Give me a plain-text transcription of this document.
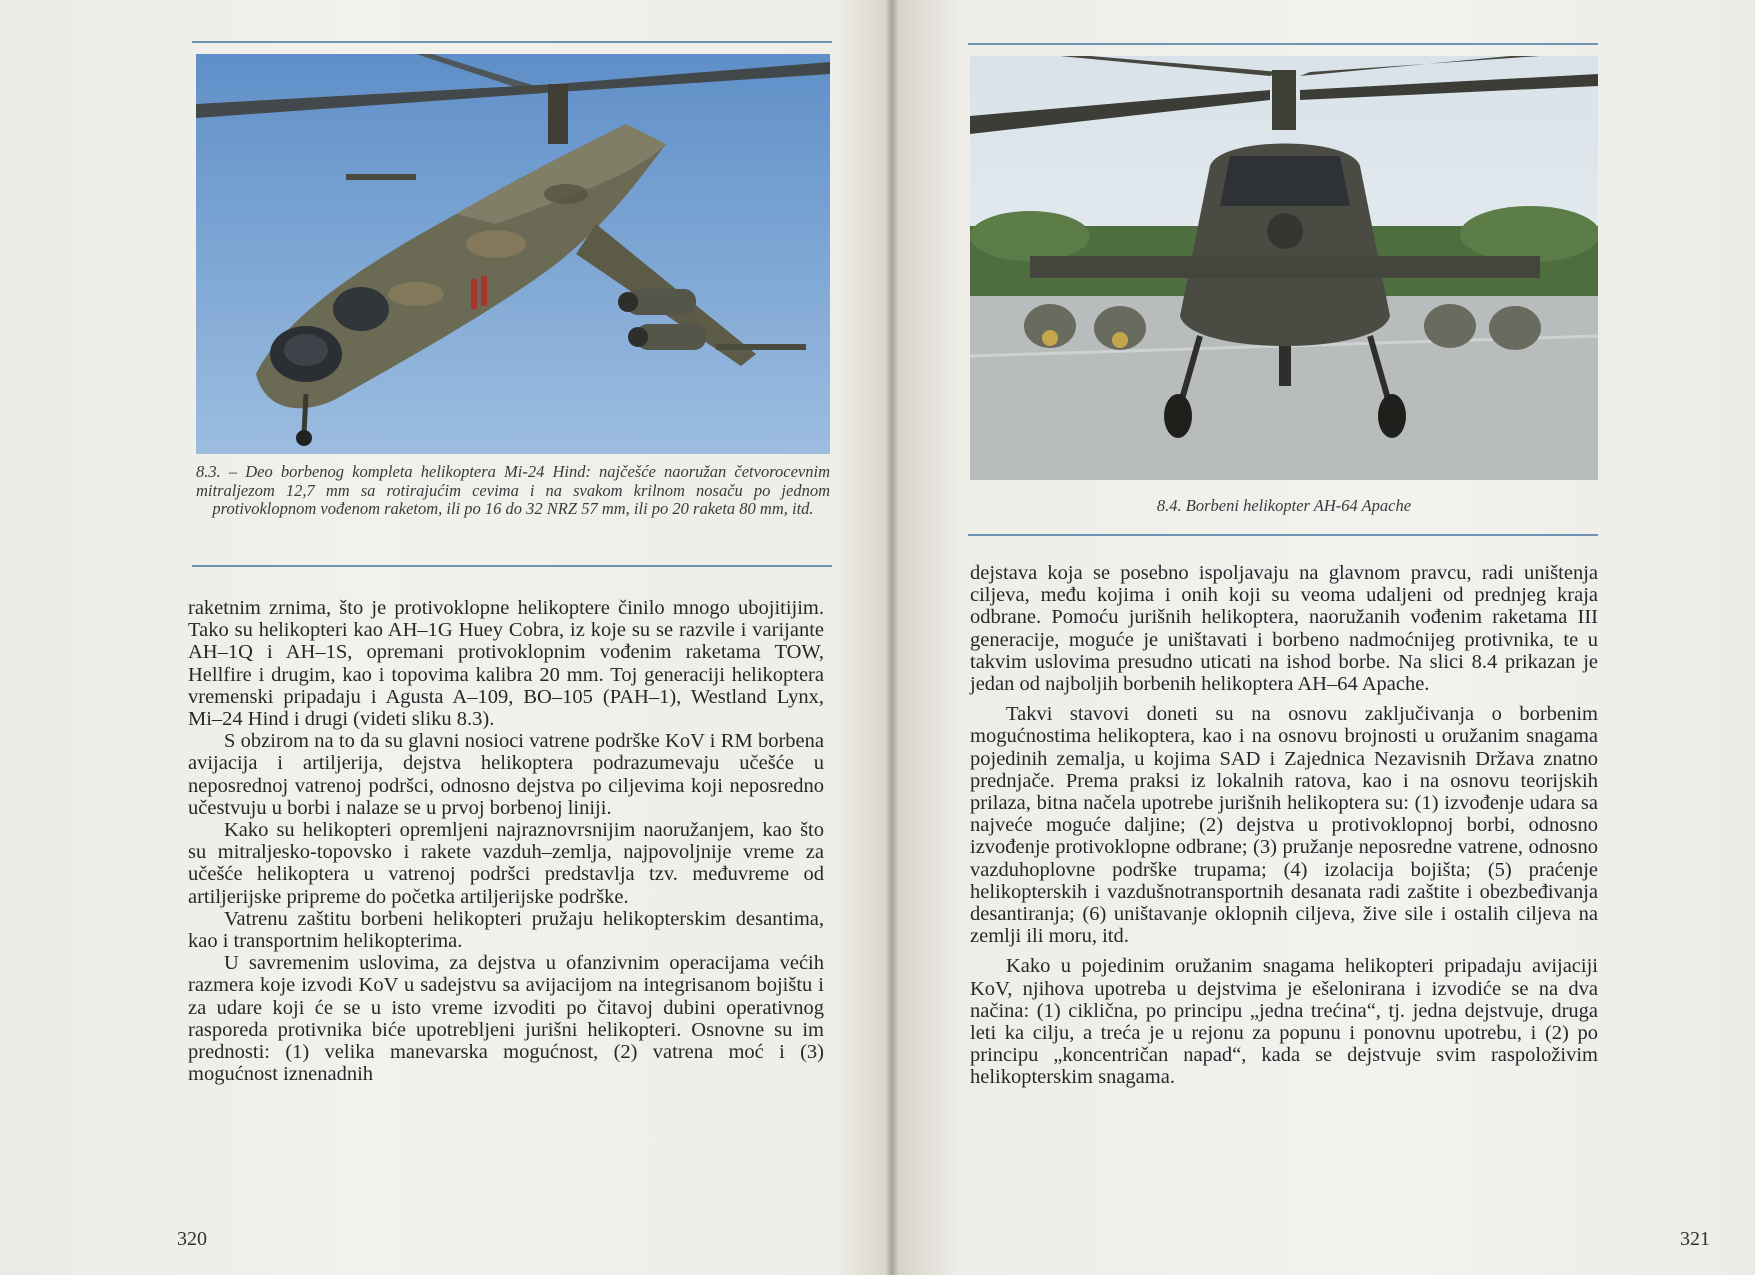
8.3. – Deo borbenog kompleta helikoptera Mi-24 Hind: najčešće naoružan četvorocevnim mitraljezom 12,7 mm sa rotirajućim cevima i na svakom krilnom nosaču po jednom protivoklopnom vođenom raketom, ili po 16 do 32 NRZ 57 mm, ili po 20 raketa 80 mm, itd.

raketnim zrnima, što je protivoklopne helikoptere činilo mnogo ubojitijim. Tako su helikopteri kao AH–1G Huey Cobra, iz koje su se razvile i varijante AH–1Q i AH–1S, opremani protivoklopnim vođenim raketama TOW, Hellfire i drugim, kao i topovima kalibra 20 mm. Toj generaciji helikoptera vremenski pripadaju i Agusta A–109, BO–105 (PAH–1), Westland Lynx, Mi–24 Hind i drugi (videti sliku 8.3).

S obzirom na to da su glavni nosioci vatrene podrške KoV i RM borbena avijacija i artiljerija, dejstva helikoptera podrazumevaju učešće u neposrednoj vatrenoj podršci, odnosno dejstva po ciljevima koji neposredno učestvuju u borbi i nalaze se u prvoj borbenoj liniji.

Kako su helikopteri opremljeni najraznovrsnijim naoružanjem, kao što su mitraljesko-topovsko i rakete vazduh–zemlja, najpovoljnije vreme za učešće helikoptera u vatrenoj podršci predstavlja tzv. međuvreme od artiljerijske pripreme do početka artiljerijske podrške.

Vatrenu zaštitu borbeni helikopteri pružaju helikopterskim desantima, kao i transportnim helikopterima.

U savremenim uslovima, za dejstva u ofanzivnim operacijama većih razmera koje izvodi KoV u sadejstvu sa avijacijom na integrisanom bojištu i za udare koji će se u isto vreme izvoditi po čitavoj dubini operativnog rasporeda protivnika biće upotrebljeni jurišni helikopteri. Osnovne su im prednosti: (1) velika manevarska mogućnost, (2) vatrena moć i (3) mogućnost iznenadnih

320
8.4. Borbeni helikopter AH-64 Apache

dejstava koja se posebno ispoljavaju na glavnom pravcu, radi uništenja ciljeva, među kojima i onih koji su veoma udaljeni od prednjeg kraja odbrane. Pomoću jurišnih helikoptera, naoružanih vođenim raketama III generacije, moguće je uništavati i borbeno nadmoćnijeg protivnika, te u takvim uslovima presudno uticati na ishod borbe. Na slici 8.4 prikazan je jedan od najboljih borbenih helikoptera AH–64 Apache.

Takvi stavovi doneti su na osnovu zaključivanja o borbenim mogućnostima helikoptera, kao i na osnovu brojnosti u oružanim snagama pojedinih zemalja, u kojima SAD i Zajednica Nezavisnih Država znatno prednjače. Prema praksi iz lokalnih ratova, kao i na osnovu teorijskih prilaza, bitna načela upotrebe jurišnih helikoptera su: (1) izvođenje udara sa najveće moguće daljine; (2) dejstva u protivoklopnoj borbi, odnosno izvođenje protivoklopne odbrane; (3) pružanje neposredne vatrene, odnosno vazduhoplovne podrške trupama; (4) izolacija bojišta; (5) praćenje helikopterskih i vazdušnotransportnih desanata radi zaštite i obezbeđivanja desantiranja; (6) uništavanje oklopnih ciljeva, žive sile i ostalih ciljeva na zemlji ili moru, itd.

Kako u pojedinim oružanim snagama helikopteri pripadaju avijaciji KoV, njihova upotreba u dejstvima je ešelonirana i izvodiće se na dva načina: (1) ciklična, po principu „jedna trećina“, tj. jedna dejstvuje, druga leti ka cilju, a treća je u rejonu za popunu i ponovnu upotrebu, i (2) po principu „koncentričan napad“, kada se dejstvuje svim raspoloživim helikopterskim snagama.

321
